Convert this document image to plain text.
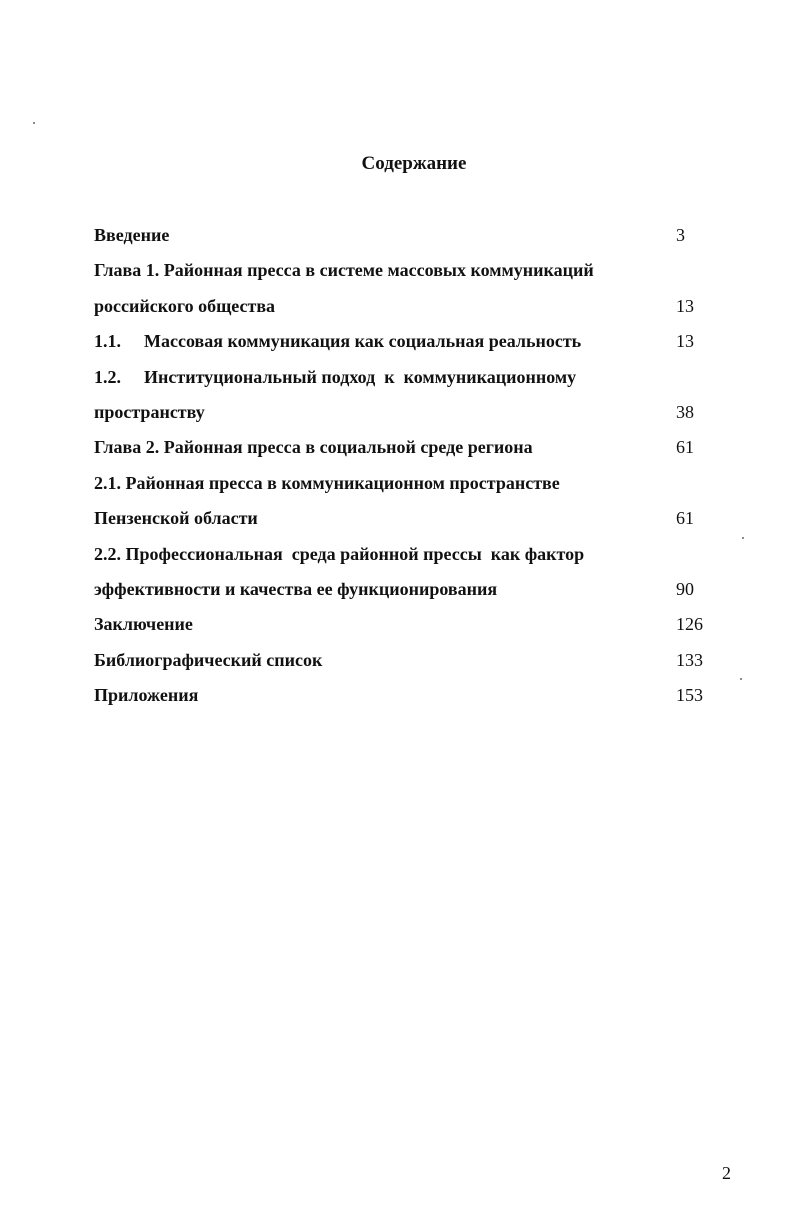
Содержание
Введение	3
Глава 1. Районная пресса в системе массовых коммуникаций
российского общества	13
1.1. Массовая коммуникация как социальная реальность	13
1.2. Институциональный подход  к  коммуникационному
пространству	38
Глава 2. Районная пресса в социальной среде региона	61
2.1. Районная пресса в коммуникационном пространстве
Пензенской области	61
2.2. Профессиональная  среда районной прессы  как фактор
эффективности и качества ее функционирования	90
Заключение	126
Библиографический список	133
Приложения	153
2
